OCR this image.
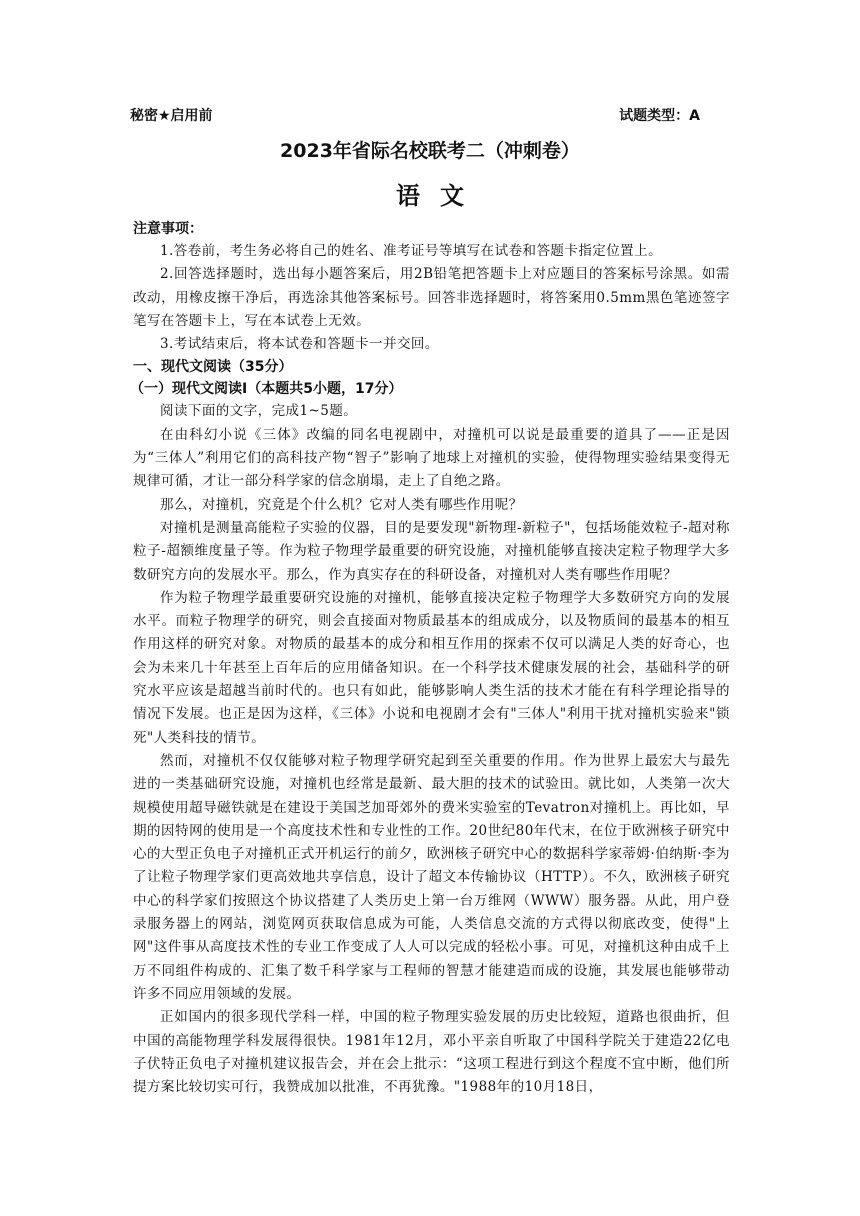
秘密★启用前	试题类型：A
2023年省际名校联考二（冲刺卷）
语文
注意事项：

1.答卷前，考生务必将自己的姓名、准考证号等填写在试卷和答题卡指定位置上。

2.回答选择题时，选出每小题答案后，用2B铅笔把答题卡上对应题目的答案标号涂黑。如需改动，用橡皮擦干净后，再选涂其他答案标号。回答非选择题时，将答案用0.5mm黑色笔迹签字笔写在答题卡上，写在本试卷上无效。

3.考试结束后，将本试卷和答题卡一并交回。

一、现代文阅读（35分）
（一）现代文阅读Ⅰ（本题共5小题，17分）

阅读下面的文字，完成1~5题。

在由科幻小说《三体》改编的同名电视剧中，对撞机可以说是最重要的道具了——正是因为“三体人”利用它们的高科技产物“智子”影响了地球上对撞机的实验，使得物理实验结果变得无规律可循，才让一部分科学家的信念崩塌，走上了自绝之路。

那么，对撞机，究竟是个什么机？它对人类有哪些作用呢？

对撞机是测量高能粒子实验的仪器，目的是要发现"新物理-新粒子"，包括场能效粒子-超对称粒子-超额维度量子等。作为粒子物理学最重要的研究设施，对撞机能够直接决定粒子物理学大多数研究方向的发展水平。那么，作为真实存在的科研设备，对撞机对人类有哪些作用呢？

作为粒子物理学最重要研究设施的对撞机，能够直接决定粒子物理学大多数研究方向的发展水平。而粒子物理学的研究，则会直接面对物质最基本的组成成分，以及物质间的最基本的相互作用这样的研究对象。对物质的最基本的成分和相互作用的探索不仅可以满足人类的好奇心，也会为未来几十年甚至上百年后的应用储备知识。在一个科学技术健康发展的社会，基础科学的研究水平应该是超越当前时代的。也只有如此，能够影响人类生活的技术才能在有科学理论指导的情况下发展。也正是因为这样，《三体》小说和电视剧才会有"三体人"利用干扰对撞机实验来"锁死"人类科技的情节。

然而，对撞机不仅仅能够对粒子物理学研究起到至关重要的作用。作为世界上最宏大与最先进的一类基础研究设施，对撞机也经常是最新、最大胆的技术的试验田。就比如，人类第一次大规模使用超导磁铁就是在建设于美国芝加哥郊外的费米实验室的Tevatron对撞机上。再比如，早期的因特网的使用是一个高度技术性和专业性的工作。20世纪80年代末，在位于欧洲核子研究中心的大型正负电子对撞机正式开机运行的前夕，欧洲核子研究中心的数据科学家蒂姆·伯纳斯·李为了让粒子物理学家们更高效地共享信息，设计了超文本传输协议（HTTP）。不久，欧洲核子研究中心的科学家们按照这个协议搭建了人类历史上第一台万维网（WWW）服务器。从此，用户登录服务器上的网站，浏览网页获取信息成为可能，人类信息交流的方式得以彻底改变，使得"上网"这件事从高度技术性的专业工作变成了人人可以完成的轻松小事。可见，对撞机这种由成千上万不同组件构成的、汇集了数千科学家与工程师的智慧才能建造而成的设施，其发展也能够带动许多不同应用领域的发展。

正如国内的很多现代学科一样，中国的粒子物理实验发展的历史比较短，道路也很曲折，但中国的高能物理学科发展得很快。1981年12月，邓小平亲自听取了中国科学院关于建造22亿电子伏特正负电子对撞机建议报告会，并在会上批示：“这项工程进行到这个程度不宜中断，他们所提方案比较切实可行，我赞成加以批准，不再犹豫。"1988年的10月18日，
